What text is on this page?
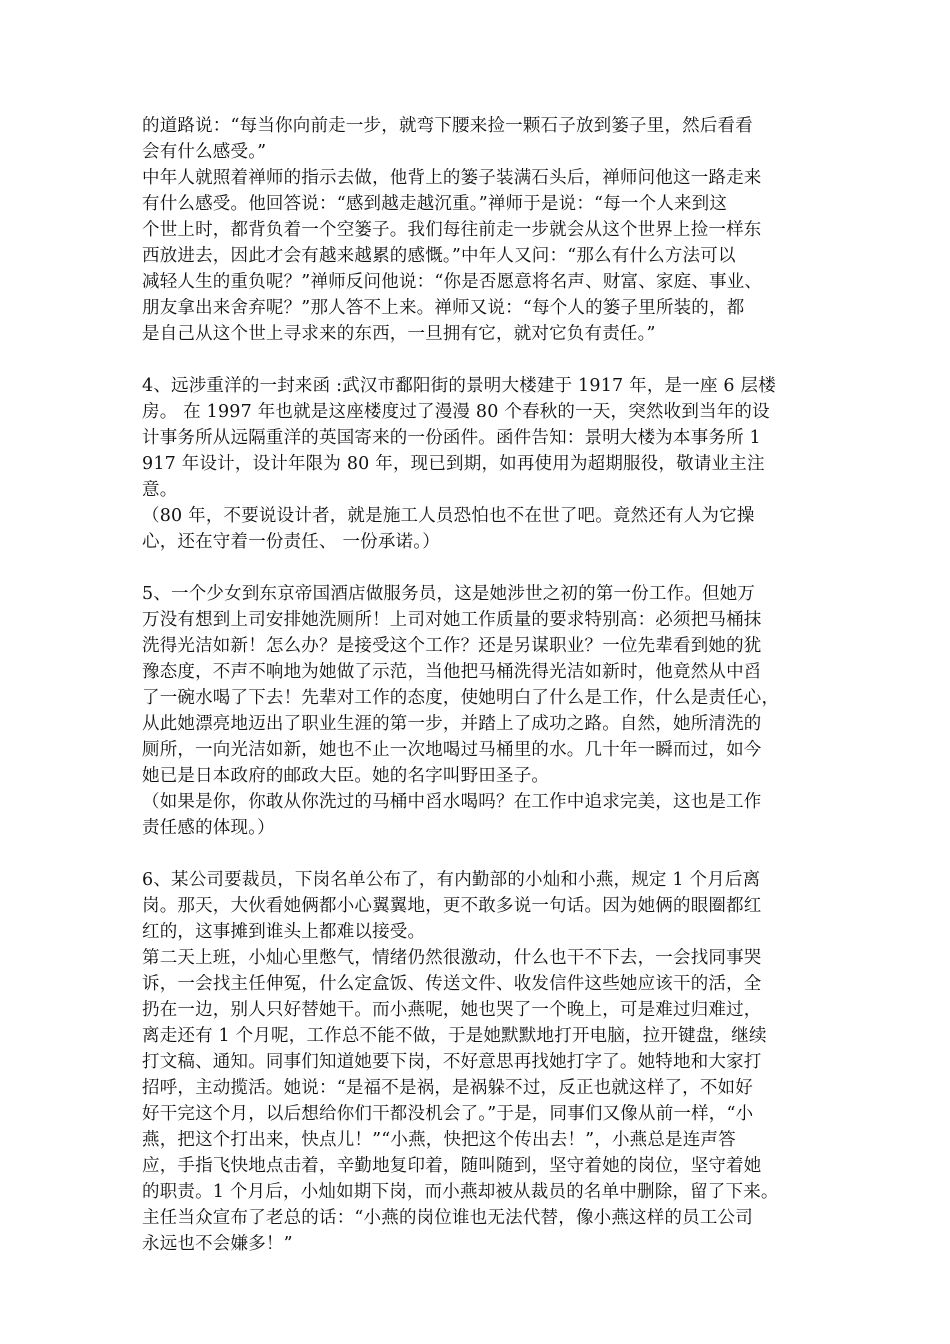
的道路说：“每当你向前走一步，就弯下腰来捡一颗石子放到篓子里，然后看看
会有什么感受。”
中年人就照着禅师的指示去做，他背上的篓子装满石头后，禅师问他这一路走来
有什么感受。他回答说：“感到越走越沉重。”禅师于是说：“每一个人来到这
个世上时，都背负着一个空篓子。我们每往前走一步就会从这个世界上捡一样东
西放进去，因此才会有越来越累的感慨。”中年人又问：“那么有什么方法可以
减轻人生的重负呢？”禅师反问他说：“你是否愿意将名声、财富、家庭、事业、
朋友拿出来舍弃呢？”那人答不上来。禅师又说：“每个人的篓子里所装的，都
是自己从这个世上寻求来的东西，一旦拥有它，就对它负有责任。”
4、远涉重洋的一封来函 :武汉市鄱阳街的景明大楼建于 1917 年，是一座 6 层楼
房。 在 1997 年也就是这座楼度过了漫漫 80 个春秋的一天，突然收到当年的设
计事务所从远隔重洋的英国寄来的一份函件。函件告知：景明大楼为本事务所 1
917 年设计，设计年限为 80 年，现已到期，如再使用为超期服役，敬请业主注
意。
（80 年，不要说设计者，就是施工人员恐怕也不在世了吧。竟然还有人为它操
心，还在守着一份责任、 一份承诺。）
5、一个少女到东京帝国酒店做服务员，这是她涉世之初的第一份工作。但她万
万没有想到上司安排她洗厕所！上司对她工作质量的要求特别高：必须把马桶抹
洗得光洁如新！怎么办？是接受这个工作？还是另谋职业？一位先辈看到她的犹
豫态度，不声不响地为她做了示范，当他把马桶洗得光洁如新时，他竟然从中舀
了一碗水喝了下去！先辈对工作的态度，使她明白了什么是工作，什么是责任心，
从此她漂亮地迈出了职业生涯的第一步，并踏上了成功之路。自然，她所清洗的
厕所，一向光洁如新，她也不止一次地喝过马桶里的水。几十年一瞬而过，如今
她已是日本政府的邮政大臣。她的名字叫野田圣子。
（如果是你，你敢从你洗过的马桶中舀水喝吗？在工作中追求完美，这也是工作
责任感的体现。）
6、某公司要裁员，下岗名单公布了，有内勤部的小灿和小燕，规定 1 个月后离
岗。那天，大伙看她俩都小心翼翼地，更不敢多说一句话。因为她俩的眼圈都红
红的，这事摊到谁头上都难以接受。
第二天上班，小灿心里憋气，情绪仍然很激动，什么也干不下去，一会找同事哭
诉，一会找主任伸冤，什么定盒饭、传送文件、收发信件这些她应该干的活，全
扔在一边，别人只好替她干。而小燕呢，她也哭了一个晚上，可是难过归难过，
离走还有 1 个月呢，工作总不能不做，于是她默默地打开电脑，拉开键盘，继续
打文稿、通知。同事们知道她要下岗，不好意思再找她打字了。她特地和大家打
招呼，主动揽活。她说：“是福不是祸，是祸躲不过，反正也就这样了，不如好
好干完这个月，以后想给你们干都没机会了。”于是，同事们又像从前一样，“小
燕，把这个打出来，快点儿！”“小燕，快把这个传出去！”，小燕总是连声答
应，手指飞快地点击着，辛勤地复印着，随叫随到，坚守着她的岗位，坚守着她
的职责。1 个月后，小灿如期下岗，而小燕却被从裁员的名单中删除，留了下来。
主任当众宣布了老总的话：“小燕的岗位谁也无法代替，像小燕这样的员工公司
永远也不会嫌多！”
